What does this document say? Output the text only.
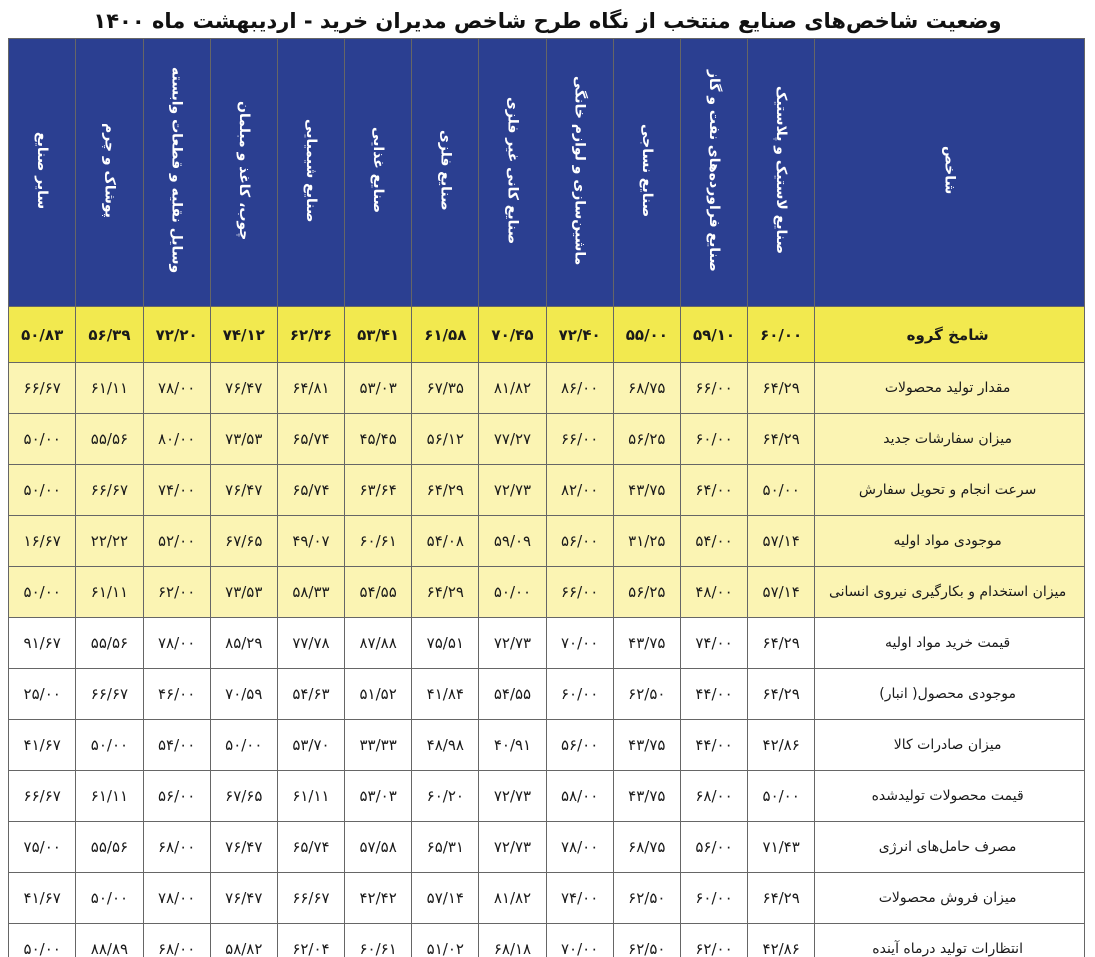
وضعیت شاخص‌های صنایع منتخب از نگاه طرح شاخص مدیران خرید - اردیبهشت ماه ۱۴۰۰
شاخص	صنایع لاستیک و پلاستیک	صنایع فراورده‌های نفت و گاز	صنایع نساجی	ماشین‌سازی و لوازم خانگی	صنایع کانی غیر فلزی	صنایع فلزی	صنایع غذایی	صنایع شیمیایی	چوب، کاغذ و مبلمان	وسایل نقلیه و قطعات وابسته	پوشاک و چرم	سایر صنایع
شامخ گروه	۶۰/۰۰	۵۹/۱۰	۵۵/۰۰	۷۲/۴۰	۷۰/۴۵	۶۱/۵۸	۵۳/۴۱	۶۲/۳۶	۷۴/۱۲	۷۲/۲۰	۵۶/۳۹	۵۰/۸۳
مقدار تولید محصولات	۶۴/۲۹	۶۶/۰۰	۶۸/۷۵	۸۶/۰۰	۸۱/۸۲	۶۷/۳۵	۵۳/۰۳	۶۴/۸۱	۷۶/۴۷	۷۸/۰۰	۶۱/۱۱	۶۶/۶۷
میزان سفارشات جدید	۶۴/۲۹	۶۰/۰۰	۵۶/۲۵	۶۶/۰۰	۷۷/۲۷	۵۶/۱۲	۴۵/۴۵	۶۵/۷۴	۷۳/۵۳	۸۰/۰۰	۵۵/۵۶	۵۰/۰۰
سرعت انجام و تحویل سفارش	۵۰/۰۰	۶۴/۰۰	۴۳/۷۵	۸۲/۰۰	۷۲/۷۳	۶۴/۲۹	۶۳/۶۴	۶۵/۷۴	۷۶/۴۷	۷۴/۰۰	۶۶/۶۷	۵۰/۰۰
موجودی مواد اولیه	۵۷/۱۴	۵۴/۰۰	۳۱/۲۵	۵۶/۰۰	۵۹/۰۹	۵۴/۰۸	۶۰/۶۱	۴۹/۰۷	۶۷/۶۵	۵۲/۰۰	۲۲/۲۲	۱۶/۶۷
میزان استخدام و بکارگیری نیروی انسانی	۵۷/۱۴	۴۸/۰۰	۵۶/۲۵	۶۶/۰۰	۵۰/۰۰	۶۴/۲۹	۵۴/۵۵	۵۸/۳۳	۷۳/۵۳	۶۲/۰۰	۶۱/۱۱	۵۰/۰۰
قیمت خرید مواد اولیه	۶۴/۲۹	۷۴/۰۰	۴۳/۷۵	۷۰/۰۰	۷۲/۷۳	۷۵/۵۱	۸۷/۸۸	۷۷/۷۸	۸۵/۲۹	۷۸/۰۰	۵۵/۵۶	۹۱/۶۷
موجودی محصول( انبار)	۶۴/۲۹	۴۴/۰۰	۶۲/۵۰	۶۰/۰۰	۵۴/۵۵	۴۱/۸۴	۵۱/۵۲	۵۴/۶۳	۷۰/۵۹	۴۶/۰۰	۶۶/۶۷	۲۵/۰۰
میزان صادرات کالا	۴۲/۸۶	۴۴/۰۰	۴۳/۷۵	۵۶/۰۰	۴۰/۹۱	۴۸/۹۸	۳۳/۳۳	۵۳/۷۰	۵۰/۰۰	۵۴/۰۰	۵۰/۰۰	۴۱/۶۷
قیمت محصولات تولیدشده	۵۰/۰۰	۶۸/۰۰	۴۳/۷۵	۵۸/۰۰	۷۲/۷۳	۶۰/۲۰	۵۳/۰۳	۶۱/۱۱	۶۷/۶۵	۵۶/۰۰	۶۱/۱۱	۶۶/۶۷
مصرف حامل‌های انرژی	۷۱/۴۳	۵۶/۰۰	۶۸/۷۵	۷۸/۰۰	۷۲/۷۳	۶۵/۳۱	۵۷/۵۸	۶۵/۷۴	۷۶/۴۷	۶۸/۰۰	۵۵/۵۶	۷۵/۰۰
میزان فروش محصولات	۶۴/۲۹	۶۰/۰۰	۶۲/۵۰	۷۴/۰۰	۸۱/۸۲	۵۷/۱۴	۴۲/۴۲	۶۶/۶۷	۷۶/۴۷	۷۸/۰۰	۵۰/۰۰	۴۱/۶۷
انتظارات تولید درماه آینده	۴۲/۸۶	۶۲/۰۰	۶۲/۵۰	۷۰/۰۰	۶۸/۱۸	۵۱/۰۲	۶۰/۶۱	۶۲/۰۴	۵۸/۸۲	۶۸/۰۰	۸۸/۸۹	۵۰/۰۰
